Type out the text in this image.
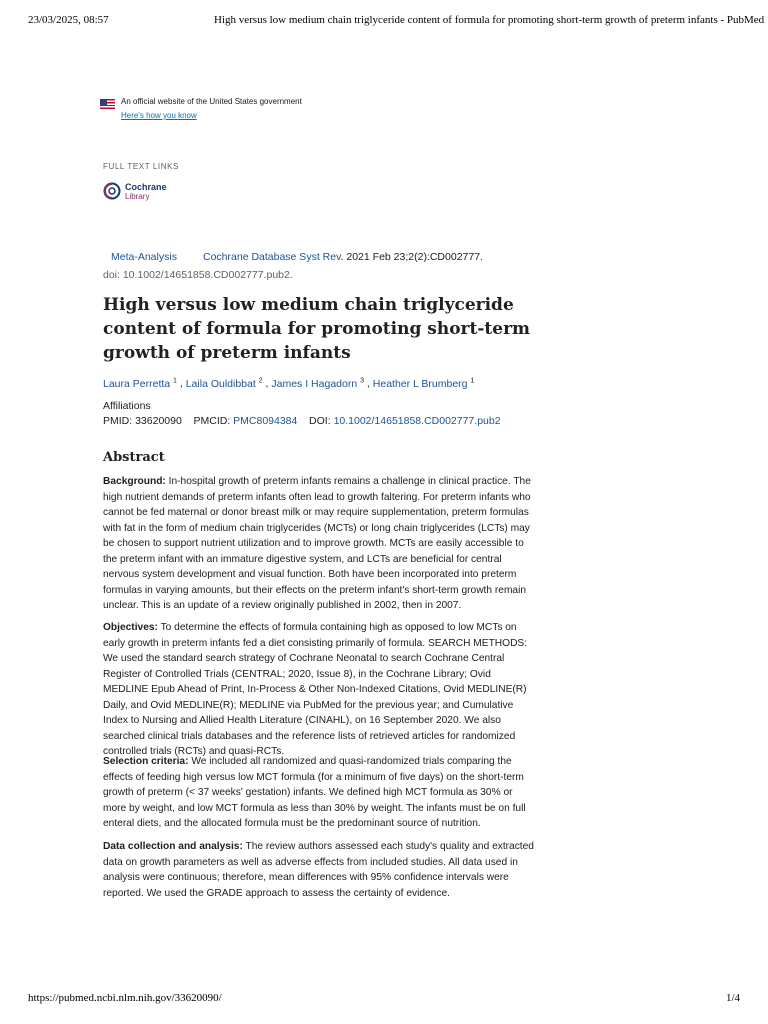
23/03/2025, 08:57	High versus low medium chain triglyceride content of formula for promoting short-term growth of preterm infants - PubMed
An official website of the United States government
Here's how you know
FULL TEXT LINKS
Cochrane
Library
Meta-Analysis Cochrane Database Syst Rev. 2021 Feb 23;2(2):CD002777.
doi: 10.1002/14651858.CD002777.pub2.
High versus low medium chain triglyceride content of formula for promoting short-term growth of preterm infants
Laura Perretta $^1$ , Laila Ouldibbat $^2$ , James I Hagadorn $^3$ , Heather L Brumberg $^1$
Affiliations
PMID: 33620090 PMCID: PMC8094384 DOI: 10.1002/14651858.CD002777.pub2
Abstract

Background: In-hospital growth of preterm infants remains a challenge in clinical practice. The high nutrient demands of preterm infants often lead to growth faltering. For preterm infants who cannot be fed maternal or donor breast milk or may require supplementation, preterm formulas with fat in the form of medium chain triglycerides (MCTs) or long chain triglycerides (LCTs) may be chosen to support nutrient utilization and to improve growth. MCTs are easily accessible to the preterm infant with an immature digestive system, and LCTs are beneficial for central nervous system development and visual function. Both have been incorporated into preterm formulas in varying amounts, but their effects on the preterm infant's short-term growth remain unclear. This is an update of a review originally published in 2002, then in 2007.

Objectives: To determine the effects of formula containing high as opposed to low MCTs on early growth in preterm infants fed a diet consisting primarily of formula. SEARCH METHODS: We used the standard search strategy of Cochrane Neonatal to search Cochrane Central Register of Controlled Trials (CENTRAL; 2020, Issue 8), in the Cochrane Library; Ovid MEDLINE Epub Ahead of Print, In-Process & Other Non-Indexed Citations, Ovid MEDLINE(R) Daily, and Ovid MEDLINE(R); MEDLINE via PubMed for the previous year; and Cumulative Index to Nursing and Allied Health Literature (CINAHL), on 16 September 2020. We also searched clinical trials databases and the reference lists of retrieved articles for randomized controlled trials (RCTs) and quasi-RCTs.

Selection criteria: We included all randomized and quasi-randomized trials comparing the effects of feeding high versus low MCT formula (for a minimum of five days) on the short-term growth of preterm (< 37 weeks' gestation) infants. We defined high MCT formula as 30% or more by weight, and low MCT formula as less than 30% by weight. The infants must be on full enteral diets, and the allocated formula must be the predominant source of nutrition.

Data collection and analysis: The review authors assessed each study's quality and extracted data on growth parameters as well as adverse effects from included studies. All data used in analysis were continuous; therefore, mean differences with 95% confidence intervals were reported. We used the GRADE approach to assess the certainty of evidence.

https://pubmed.ncbi.nlm.nih.gov/33620090/	1/4
